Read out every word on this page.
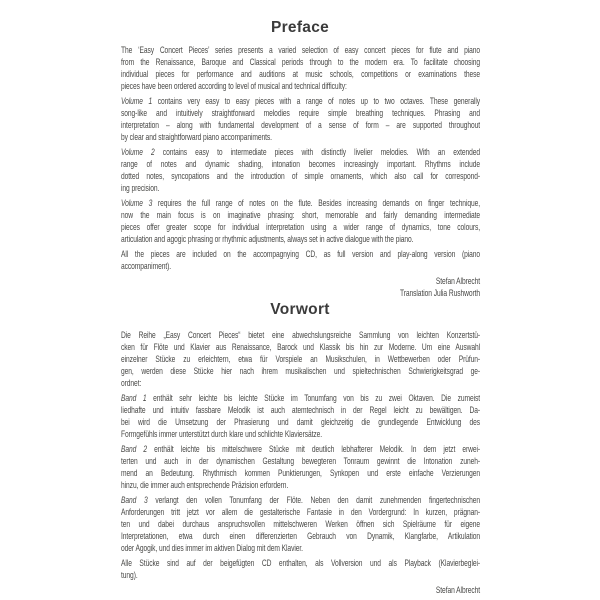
Preface
The ‘Easy Concert Pieces’ series presents a varied selection of easy concert pieces for flute and piano
from the Renaissance, Baroque and Classical periods through to the modern era. To facilitate choosing
individual pieces for performance and auditions at music schools, competitions or examinations these
pieces have been ordered according to level of musical and technical difficulty:
Volume 1 contains very easy to easy pieces with a range of notes up to two octaves. These generally
song-like and intuitively straightforward melodies require simple breathing techniques. Phrasing and
interpretation – along with fundamental development of a sense of form – are supported throughout
by clear and straightforward piano accompaniments.
Volume 2 contains easy to intermediate pieces with distinctly livelier melodies. With an extended
range of notes and dynamic shading, intonation becomes increasingly important. Rhythms include
dotted notes, syncopations and the introduction of simple ornaments, which also call for correspond-
ing precision.
Volume 3 requires the full range of notes on the flute. Besides increasing demands on finger technique,
now the main focus is on imaginative phrasing: short, memorable and fairly demanding intermediate
pieces offer greater scope for individual interpretation using a wider range of dynamics, tone colours,
articulation and agogic phrasing or rhythmic adjustments, always set in active dialogue with the piano.
All the pieces are included on the accompagnying CD, as full version and play-along version (piano
accompaniment).
Stefan Albrecht
Translation Julia Rushworth
Vorwort
Die Reihe „Easy Concert Pieces“ bietet eine abwechslungsreiche Sammlung von leichten Konzertstü-
cken für Flöte und Klavier aus Renaissance, Barock und Klassik bis hin zur Moderne. Um eine Auswahl
einzelner Stücke zu erleichtern, etwa für Vorspiele an Musikschulen, in Wettbewerben oder Prüfun-
gen, werden diese Stücke hier nach ihrem musikalischen und spieltechnischen Schwierigkeitsgrad ge-
ordnet:
Band 1 enthält sehr leichte bis leichte Stücke im Tonumfang von bis zu zwei Oktaven. Die zumeist
liedhafte und intuitiv fassbare Melodik ist auch atemtechnisch in der Regel leicht zu bewältigen. Da-
bei wird die Umsetzung der Phrasierung und damit gleichzeitig die grundlegende Entwicklung des
Formgefühls immer unterstützt durch klare und schlichte Klaviersätze.
Band 2 enthält leichte bis mittelschwere Stücke mit deutlich lebhafterer Melodik. In dem jetzt erwei-
terten und auch in der dynamischen Gestaltung bewegteren Tonraum gewinnt die Intonation zuneh-
mend an Bedeutung. Rhythmisch kommen Punktierungen, Synkopen und erste einfache Verzierungen
hinzu, die immer auch entsprechende Präzision erfordern.
Band 3 verlangt den vollen Tonumfang der Flöte. Neben den damit zunehmenden fingertechnischen
Anforderungen tritt jetzt vor allem die gestalterische Fantasie in den Vordergrund: In kurzen, prägnan-
ten und dabei durchaus anspruchsvollen mittelschweren Werken öffnen sich Spielräume für eigene
Interpretationen, etwa durch einen differenzierten Gebrauch von Dynamik, Klangfarbe, Artikulation
oder Agogik, und dies immer im aktiven Dialog mit dem Klavier.
Alle Stücke sind auf der beigefügten CD enthalten, als Vollversion und als Playback (Klavierbeglei-
tung).
Stefan Albrecht
